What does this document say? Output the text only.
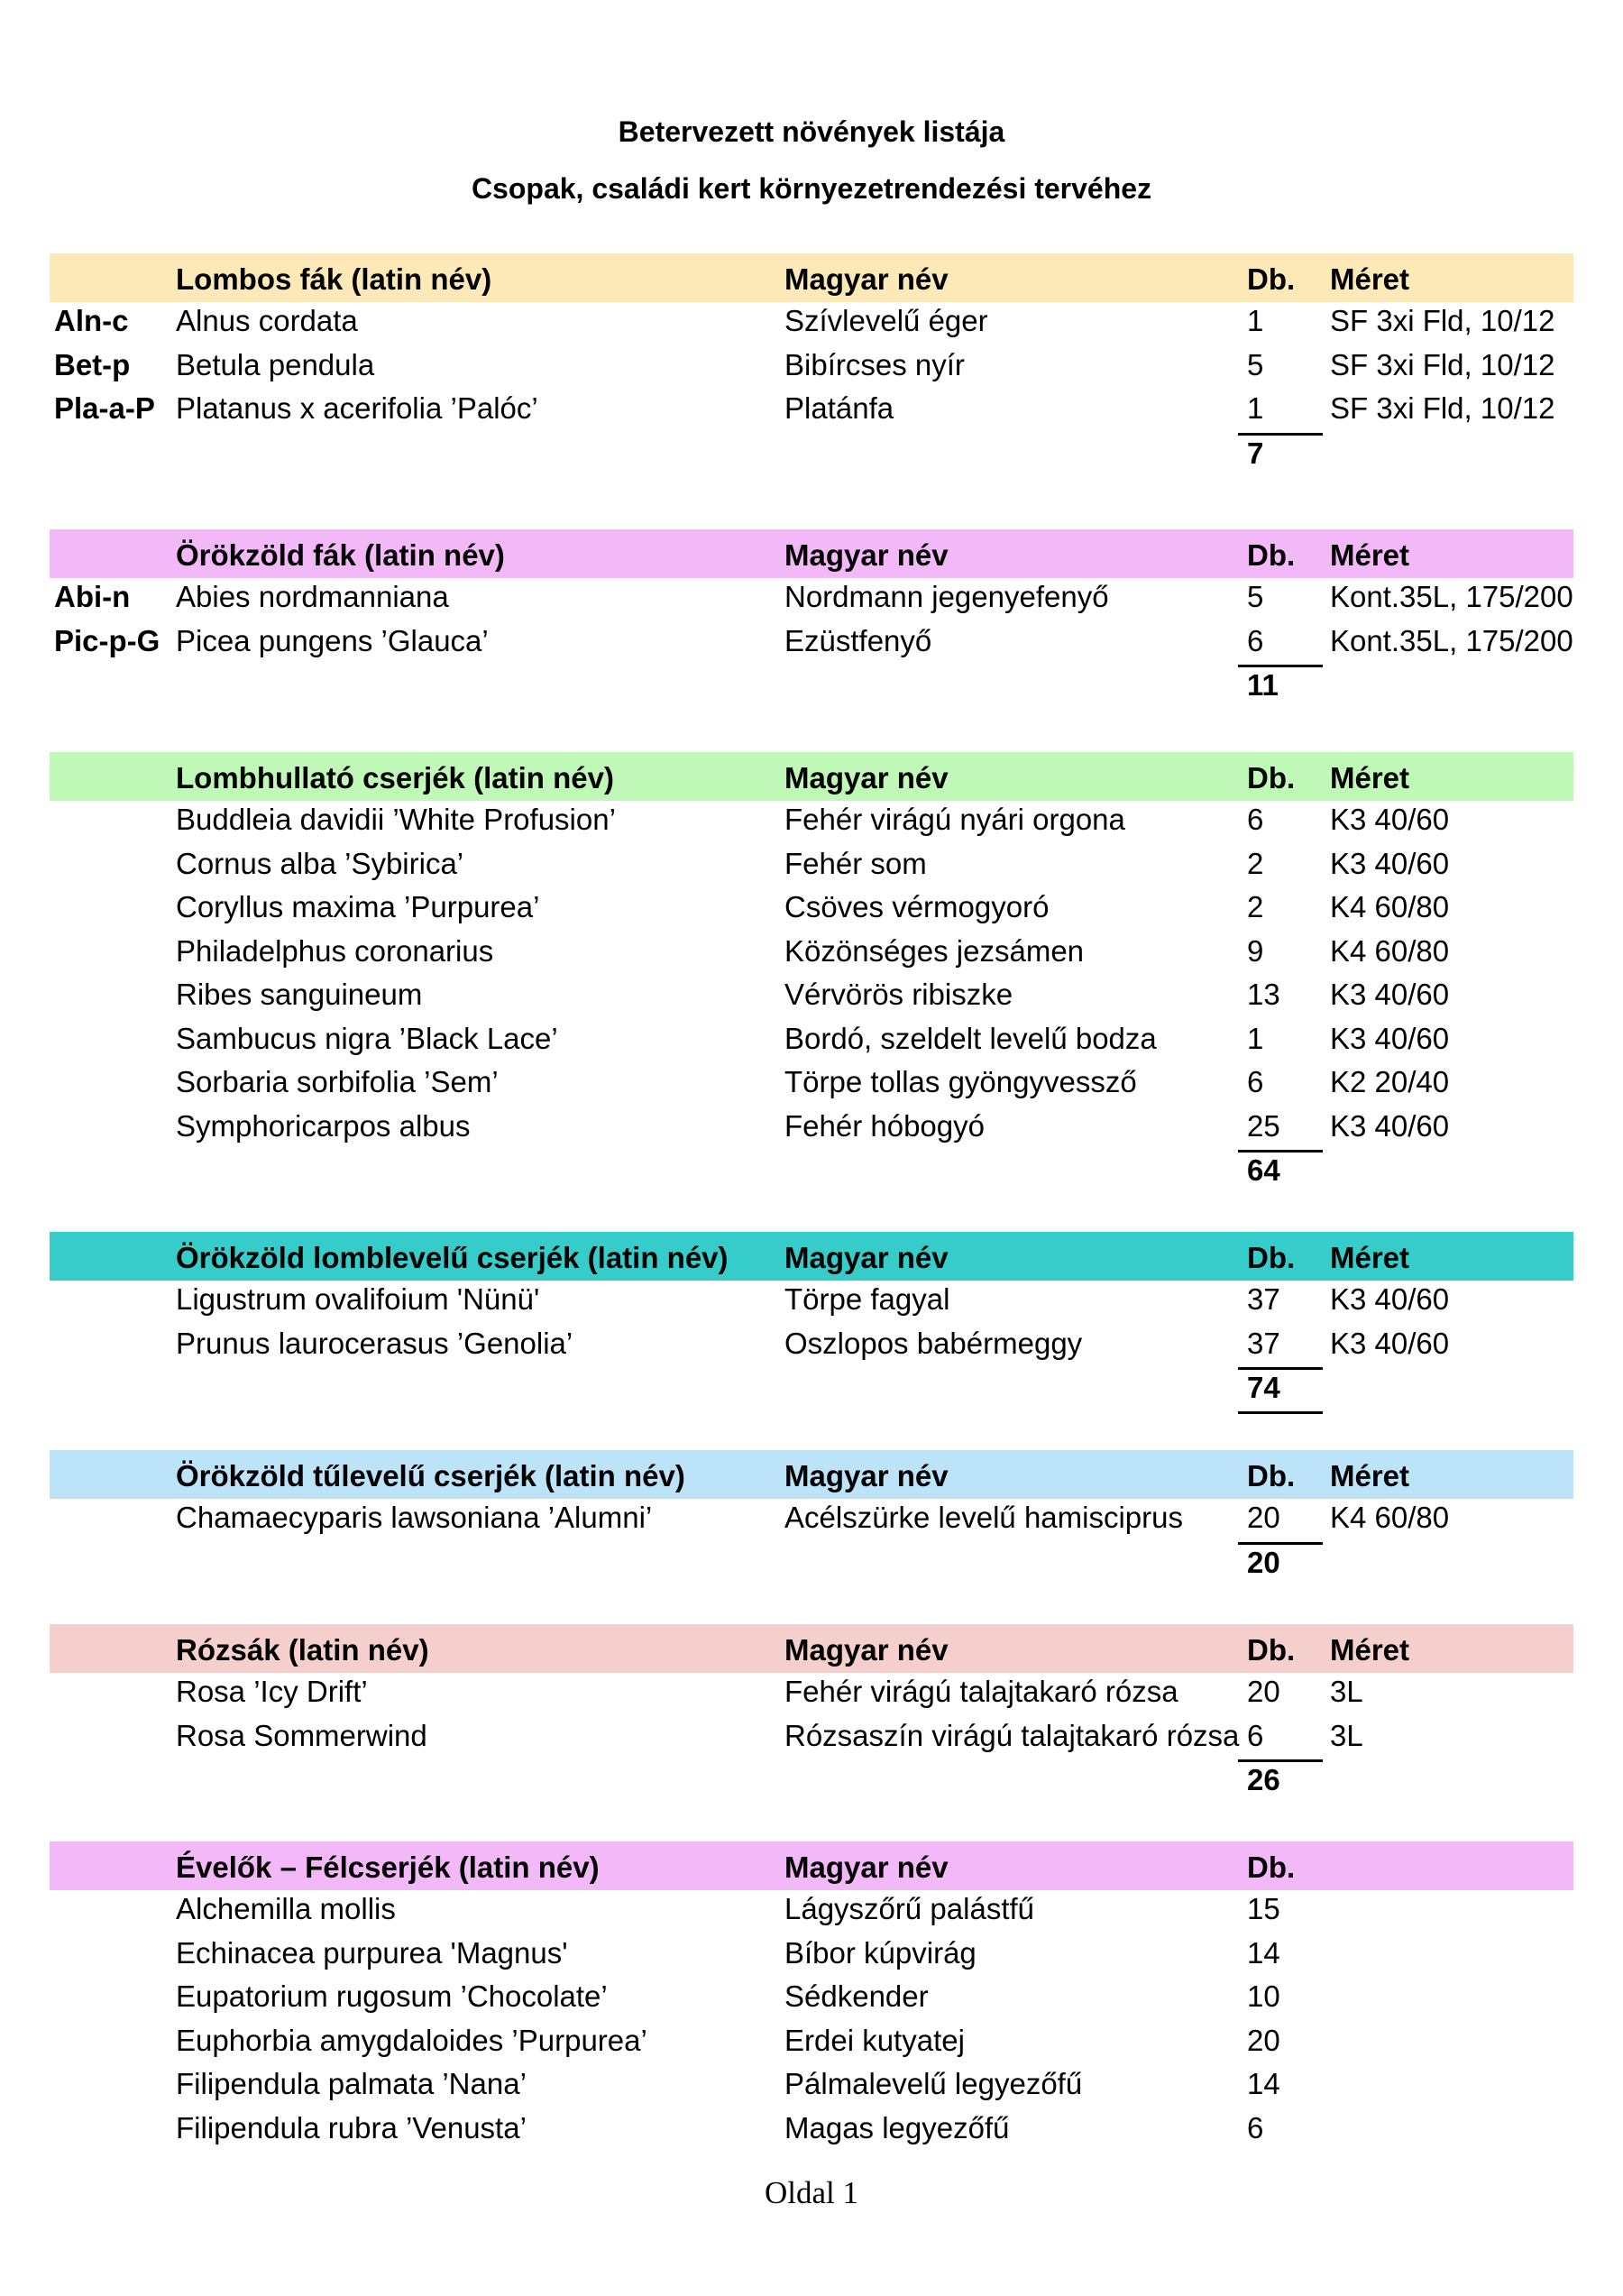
Betervezett növények listája
Csopak, családi kert környezetrendezési tervéhez
Lombos fák (latin név)	Magyar név	Db. Méret
Aln-c Alnus cordata	Szívlevelű éger	1 SF 3xi Fld, 10/12
Bet-p Betula pendula	Bibírcses nyír	5 SF 3xi Fld, 10/12
Pla-a-P Platanus x acerifolia ’Palóc’	Platánfa	1 SF 3xi Fld, 10/12
7
Örökzöld fák (latin név)	Magyar név	Db. Méret
Abi-n Abies nordmanniana	Nordmann jegenyefenyő	5 Kont.35L, 175/200
Pic-p-G Picea pungens ’Glauca’	Ezüstfenyő	6 Kont.35L, 175/200
11
Lombhullató cserjék (latin név)	Magyar név	Db. Méret
Buddleia davidii ’White Profusion’	Fehér virágú nyári orgona	6 K3 40/60
Cornus alba ’Sybirica’	Fehér som	2 K3 40/60
Coryllus maxima ’Purpurea’	Csöves vérmogyoró	2 K4 60/80
Philadelphus coronarius	Közönséges jezsámen	9 K4 60/80
Ribes sanguineum	Vérvörös ribiszke	13 K3 40/60
Sambucus nigra ’Black Lace’	Bordó, szeldelt levelű bodza	1 K3 40/60
Sorbaria sorbifolia ’Sem’	Törpe tollas gyöngyvessző	6 K2 20/40
Symphoricarpos albus	Fehér hóbogyó	25 K3 40/60
64
Örökzöld lomblevelű cserjék (latin név) Magyar név	Db. Méret
Ligustrum ovalifoium 'Nünü'	Törpe fagyal	37 K3 40/60
Prunus laurocerasus ’Genolia’	Oszlopos babérmeggy	37 K3 40/60
74
Örökzöld tűlevelű cserjék (latin név)	Magyar név	Db. Méret
Chamaecyparis lawsoniana ’Alumni’	Acélszürke levelű hamisciprus	20 K4 60/80
20
Rózsák (latin név)	Magyar név	Db. Méret
Rosa ’Icy Drift’	Fehér virágú talajtakaró rózsa	20 3L
Rosa Sommerwind	Rózsaszín virágú talajtakaró rózsa 6 3L
26
Évelők – Félcserjék (latin név)	Magyar név	Db.
Alchemilla mollis	Lágyszőrű palástfű	15
Echinacea purpurea 'Magnus'	Bíbor kúpvirág	14
Eupatorium rugosum ’Chocolate’	Sédkender	10
Euphorbia amygdaloides ’Purpurea’	Erdei kutyatej	20
Filipendula palmata ’Nana’	Pálmalevelű legyezőfű	14
Filipendula rubra ’Venusta’	Magas legyezőfű	6
Oldal 1
